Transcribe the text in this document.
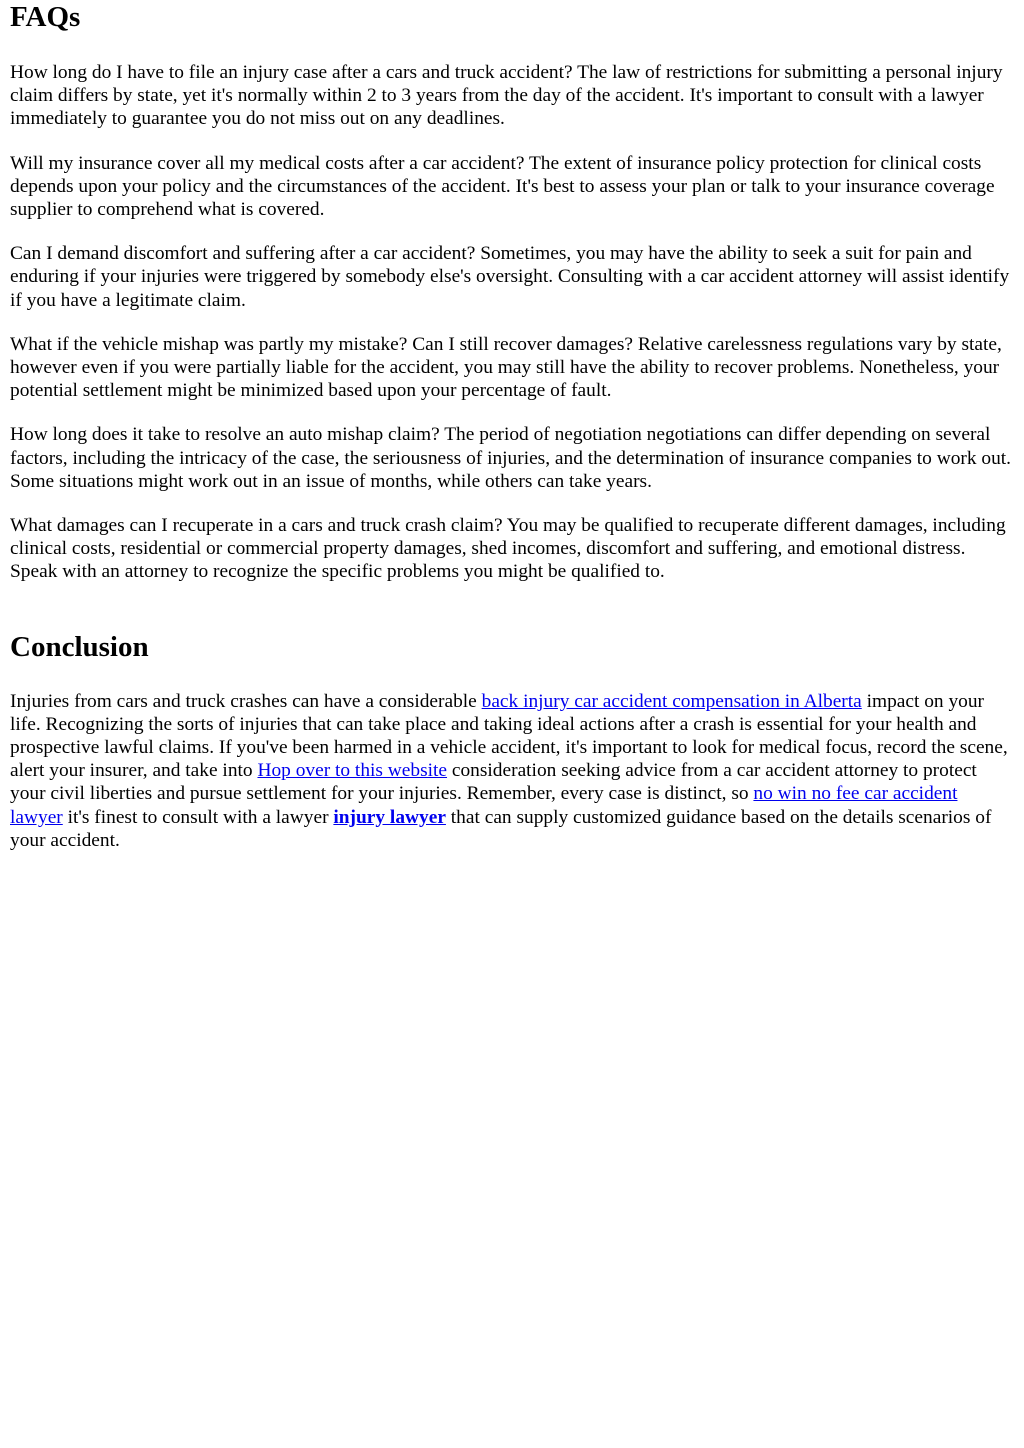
FAQs

How long do I have to file an injury case after a cars and truck accident? The law of restrictions for submitting a personal injury claim differs by state, yet it's normally within 2 to 3 years from the day of the accident. It's important to consult with a lawyer immediately to guarantee you do not miss out on any deadlines.

Will my insurance cover all my medical costs after a car accident? The extent of insurance policy protection for clinical costs depends upon your policy and the circumstances of the accident. It's best to assess your plan or talk to your insurance coverage supplier to comprehend what is covered.

Can I demand discomfort and suffering after a car accident? Sometimes, you may have the ability to seek a suit for pain and enduring if your injuries were triggered by somebody else's oversight. Consulting with a car accident attorney will assist identify if you have a legitimate claim.

What if the vehicle mishap was partly my mistake? Can I still recover damages? Relative carelessness regulations vary by state, however even if you were partially liable for the accident, you may still have the ability to recover problems. Nonetheless, your potential settlement might be minimized based upon your percentage of fault.

How long does it take to resolve an auto mishap claim? The period of negotiation negotiations can differ depending on several factors, including the intricacy of the case, the seriousness of injuries, and the determination of insurance companies to work out. Some situations might work out in an issue of months, while others can take years.

What damages can I recuperate in a cars and truck crash claim? You may be qualified to recuperate different damages, including clinical costs, residential or commercial property damages, shed incomes, discomfort and suffering, and emotional distress. Speak with an attorney to recognize the specific problems you might be qualified to.

Conclusion

Injuries from cars and truck crashes can have a considerable back injury car accident compensation in Alberta impact on your life. Recognizing the sorts of injuries that can take place and taking ideal actions after a crash is essential for your health and prospective lawful claims. If you've been harmed in a vehicle accident, it's important to look for medical focus, record the scene, alert your insurer, and take into Hop over to this website consideration seeking advice from a car accident attorney to protect your civil liberties and pursue settlement for your injuries. Remember, every case is distinct, so no win no fee car accident lawyer it's finest to consult with a lawyer injury lawyer that can supply customized guidance based on the details scenarios of your accident.
